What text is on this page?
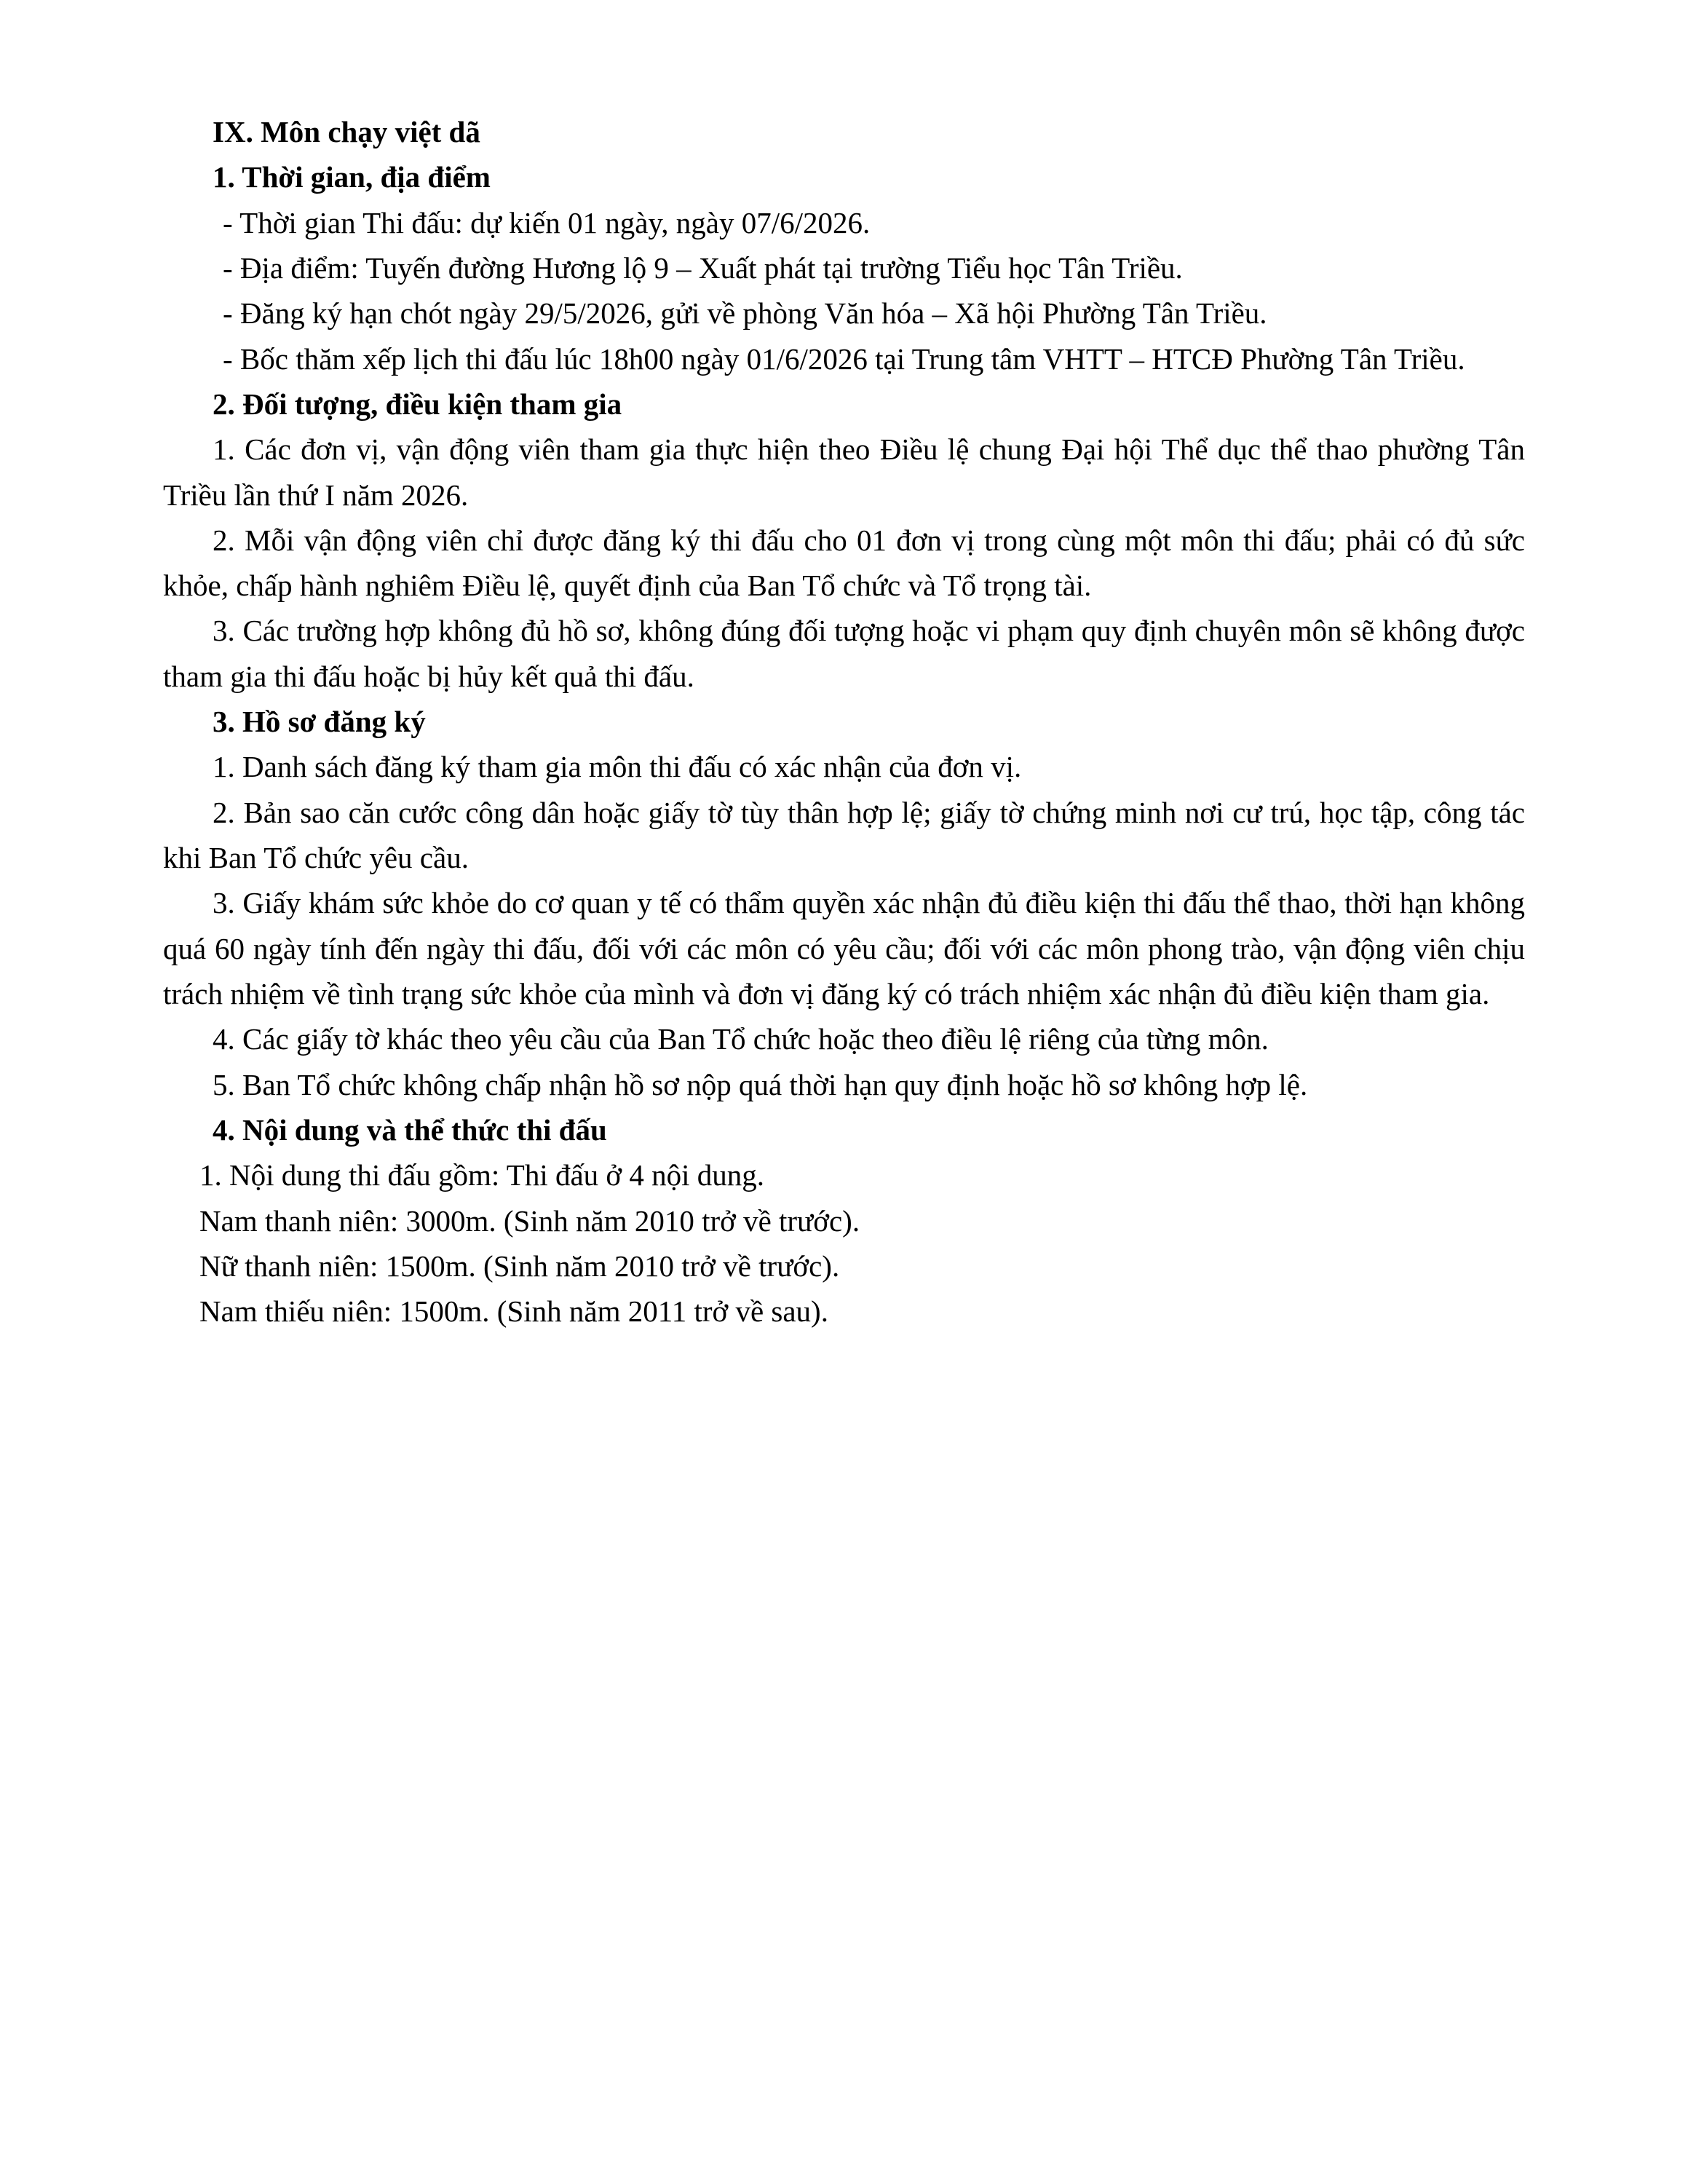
IX. Môn chạy việt dã
1. Thời gian, địa điểm

- Thời gian Thi đấu: dự kiến 01 ngày, ngày 07/6/2026.

- Địa điểm: Tuyến đường Hương lộ 9 – Xuất phát tại trường Tiểu học Tân Triều.

- Đăng ký hạn chót ngày 29/5/2026, gửi về phòng Văn hóa – Xã hội Phường Tân Triều.

- Bốc thăm xếp lịch thi đấu lúc 18h00 ngày 01/6/2026 tại Trung tâm VHTT – HTCĐ Phường Tân Triều.

2. Đối tượng, điều kiện tham gia

1. Các đơn vị, vận động viên tham gia thực hiện theo Điều lệ chung Đại hội Thể dục thể thao phường Tân Triều lần thứ I năm 2026.

2. Mỗi vận động viên chỉ được đăng ký thi đấu cho 01 đơn vị trong cùng một môn thi đấu; phải có đủ sức khỏe, chấp hành nghiêm Điều lệ, quyết định của Ban Tổ chức và Tổ trọng tài.

3. Các trường hợp không đủ hồ sơ, không đúng đối tượng hoặc vi phạm quy định chuyên môn sẽ không được tham gia thi đấu hoặc bị hủy kết quả thi đấu.

3. Hồ sơ đăng ký

1. Danh sách đăng ký tham gia môn thi đấu có xác nhận của đơn vị.

2. Bản sao căn cước công dân hoặc giấy tờ tùy thân hợp lệ; giấy tờ chứng minh nơi cư trú, học tập, công tác khi Ban Tổ chức yêu cầu.

3. Giấy khám sức khỏe do cơ quan y tế có thẩm quyền xác nhận đủ điều kiện thi đấu thể thao, thời hạn không quá 60 ngày tính đến ngày thi đấu, đối với các môn có yêu cầu; đối với các môn phong trào, vận động viên chịu trách nhiệm về tình trạng sức khỏe của mình và đơn vị đăng ký có trách nhiệm xác nhận đủ điều kiện tham gia.

4. Các giấy tờ khác theo yêu cầu của Ban Tổ chức hoặc theo điều lệ riêng của từng môn.

5. Ban Tổ chức không chấp nhận hồ sơ nộp quá thời hạn quy định hoặc hồ sơ không hợp lệ.

4. Nội dung và thể thức thi đấu

1. Nội dung thi đấu gồm: Thi đấu ở 4 nội dung.

Nam thanh niên: 3000m. (Sinh năm 2010 trở về trước).

Nữ thanh niên: 1500m. (Sinh năm 2010 trở về trước).

Nam thiếu niên: 1500m. (Sinh năm 2011 trở về sau).
